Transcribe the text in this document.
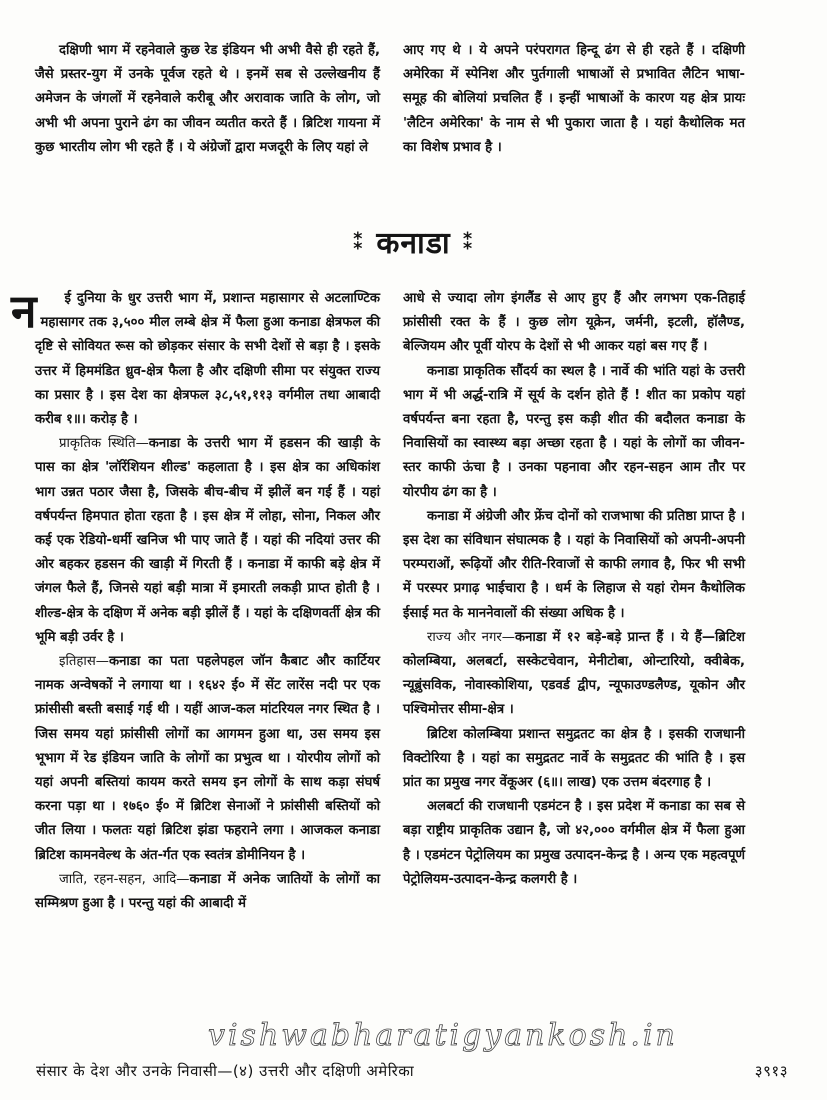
दक्षिणी भाग में रहनेवाले कुछ रेड इंडियन भी अभी वैसे ही रहते हैं, जैसे प्रस्तर-युग में उनके पूर्वज रहते थे । इनमें सब से उल्लेखनीय हैं अमेजन के जंगलों में रहनेवाले करीबू और अरावाक जाति के लोग, जो अभी भी अपना पुराने ढंग का जीवन व्यतीत करते हैं । ब्रिटिश गायना में कुछ भारतीय लोग भी रहते हैं । ये अंग्रेजों द्वारा मजदूरी के लिए यहां ले

आए गए थे । ये अपने परंपरागत हिन्दू ढंग से ही रहते हैं । दक्षिणी अमेरिका में स्पेनिश और पुर्तगाली भाषाओं से प्रभावित लैटिन भाषा-समूह की बोलियां प्रचलित हैं । इन्हीं भाषाओं के कारण यह क्षेत्र प्रायः 'लैटिन अमेरिका' के नाम से भी पुकारा जाता है । यहां कैथोलिक मत का विशेष प्रभाव है ।

⁑ कनाडा ⁑

न ई दुनिया के धुर उत्तरी भाग में, प्रशान्त महासागर से अटलाण्टिक महासागर तक ३,५०० मील लम्बे क्षेत्र में फैला हुआ कनाडा क्षेत्रफल की दृष्टि से सोवियत रूस को छोड़कर संसार के सभी देशों से बड़ा है । इसके उत्तर में हिममंडित ध्रुव-क्षेत्र फैला है और दक्षिणी सीमा पर संयुक्त राज्य का प्रसार है । इस देश का क्षेत्रफल ३८,५१,११३ वर्गमील तथा आबादी करीब १॥। करोड़ है ।

प्राकृतिक स्थिति—कनाडा के उत्तरी भाग में हडसन की खाड़ी के पास का क्षेत्र 'लॉरेंशियन शील्ड' कहलाता है । इस क्षेत्र का अधिकांश भाग उन्नत पठार जैसा है, जिसके बीच-बीच में झीलें बन गई हैं । यहां वर्षपर्यन्त हिमपात होता रहता है । इस क्षेत्र में लोहा, सोना, निकल और कई एक रेडियो-धर्मी खनिज भी पाए जाते हैं । यहां की नदियां उत्तर की ओर बहकर हडसन की खाड़ी में गिरती हैं । कनाडा में काफी बड़े क्षेत्र में जंगल फैले हैं, जिनसे यहां बड़ी मात्रा में इमारती लकड़ी प्राप्त होती है । शील्ड-क्षेत्र के दक्षिण में अनेक बड़ी झीलें हैं । यहां के दक्षिणवर्ती क्षेत्र की भूमि बड़ी उर्वर है ।

इतिहास—कनाडा का पता पहलेपहल जॉन कैबाट और कार्टियर नामक अन्वेषकों ने लगाया था । १६४२ ई० में सेंट लारेंस नदी पर एक फ्रांसीसी बस्ती बसाई गई थी । यहीं आज-कल मांटरियल नगर स्थित है । जिस समय यहां फ्रांसीसी लोगों का आगमन हुआ था, उस समय इस भूभाग में रेड इंडियन जाति के लोगों का प्रभुत्व था । योरपीय लोगों को यहां अपनी बस्तियां कायम करते समय इन लोगों के साथ कड़ा संघर्ष करना पड़ा था । १७६० ई० में ब्रिटिश सेनाओं ने फ्रांसीसी बस्तियों को जीत लिया । फलतः यहां ब्रिटिश झंडा फहराने लगा । आजकल कनाडा ब्रिटिश कामनवेल्थ के अंत-र्गत एक स्वतंत्र डोमीनियन है ।

जाति, रहन-सहन, आदि—कनाडा में अनेक जातियों के लोगों का सम्मिश्रण हुआ है । परन्तु यहां की आबादी में

आधे से ज्यादा लोग इंगलैंड से आए हुए हैं और लगभग एक-तिहाई फ्रांसीसी रक्त के हैं । कुछ लोग यूक्रेन, जर्मनी, इटली, हॉलैण्ड, बेल्जियम और पूर्वी योरप के देशों से भी आकर यहां बस गए हैं ।

कनाडा प्राकृतिक सौंदर्य का स्थल है । नार्वे की भांति यहां के उत्तरी भाग में भी अर्द्ध-रात्रि में सूर्य के दर्शन होते हैं ! शीत का प्रकोप यहां वर्षपर्यन्त बना रहता है, परन्तु इस कड़ी शीत की बदौलत कनाडा के निवासियों का स्वास्थ्य बड़ा अच्छा रहता है । यहां के लोगों का जीवन-स्तर काफी ऊंचा है । उनका पहनावा और रहन-सहन आम तौर पर योरपीय ढंग का है ।

कनाडा में अंग्रेजी और फ्रेंच दोनों को राजभाषा की प्रतिष्ठा प्राप्त है । इस देश का संविधान संघात्मक है । यहां के निवासियों को अपनी-अपनी परम्पराओं, रूढ़ियों और रीति-रिवाजों से काफी लगाव है, फिर भी सभी में परस्पर प्रगाढ़ भाईचारा है । धर्म के लिहाज से यहां रोमन कैथोलिक ईसाई मत के माननेवालों की संख्या अधिक है ।

राज्य और नगर—कनाडा में १२ बड़े-बड़े प्रान्त हैं । ये हैं—ब्रिटिश कोलम्बिया, अलबर्टा, सस्केटचेवान, मेनीटोबा, ओन्टारियो, क्वीबेक, न्यूब्रुंसविक, नोवास्कोशिया, एडवर्ड द्वीप, न्यूफाउण्डलैण्ड, यूकोन और पश्चिमोत्तर सीमा-क्षेत्र ।

ब्रिटिश कोलम्बिया प्रशान्त समुद्रतट का क्षेत्र है । इसकी राजधानी विक्टोरिया है । यहां का समुद्रतट नार्वे के समुद्रतट की भांति है । इस प्रांत का प्रमुख नगर वेंकूअर (६॥। लाख) एक उत्तम बंदरगाह है ।

अलबर्टा की राजधानी एडमंटन है । इस प्रदेश में कनाडा का सब से बड़ा राष्ट्रीय प्राकृतिक उद्यान है, जो ४२,००० वर्गमील क्षेत्र में फैला हुआ है । एडमंटन पेट्रोलियम का प्रमुख उत्पादन-केन्द्र है । अन्य एक महत्वपूर्ण पेट्रोलियम-उत्पादन-केन्द्र कलगरी है ।

vishwabharatigyankosh.in
संसार के देश और उनके निवासी—(४) उत्तरी और दक्षिणी अमेरिका	३९१३
